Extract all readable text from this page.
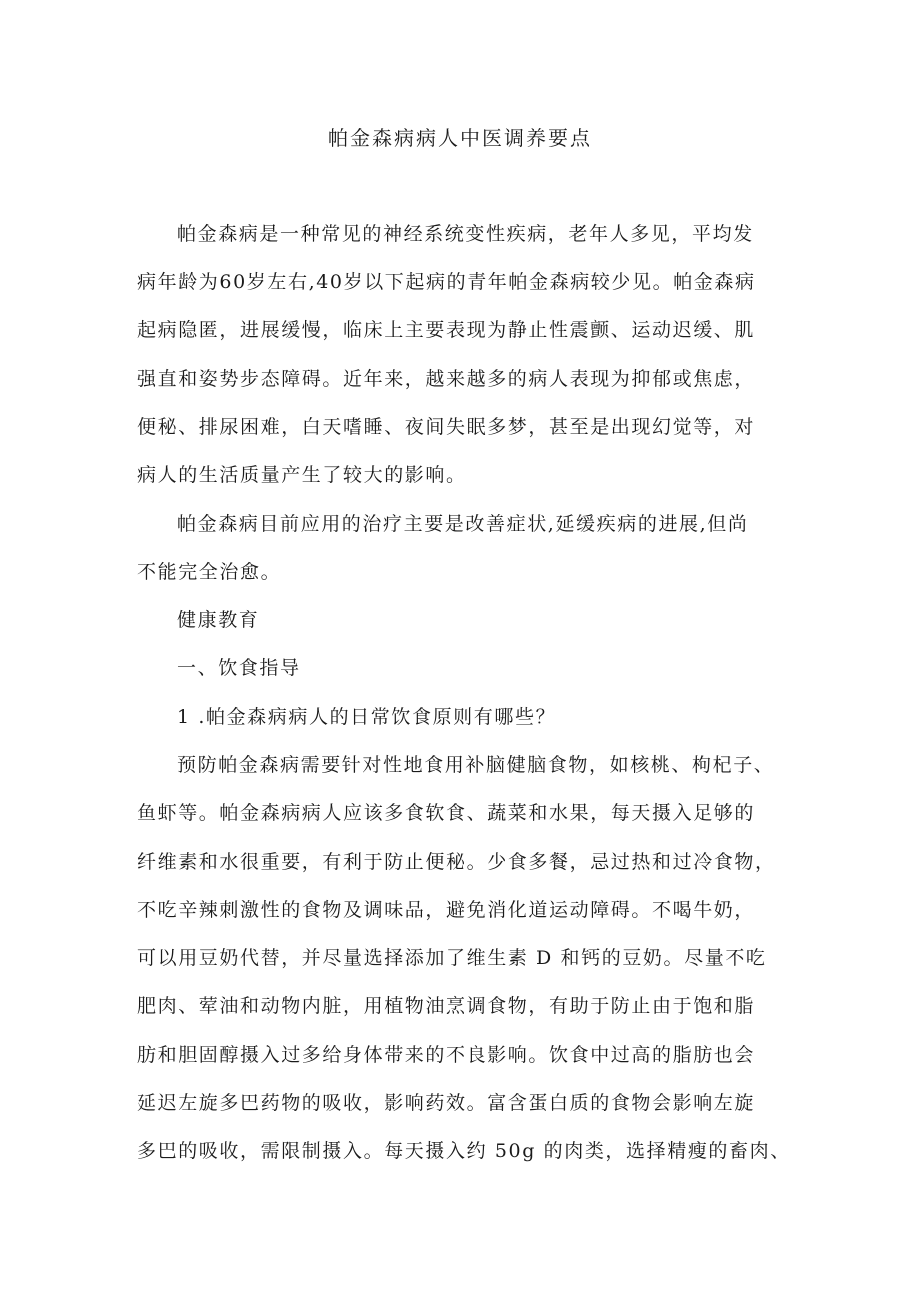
帕金森病病人中医调养要点
帕金森病是一种常见的神经系统变性疾病，老年人多见，平均发
病年龄为60岁左右,40岁以下起病的青年帕金森病较少见。帕金森病
起病隐匿，进展缓慢，临床上主要表现为静止性震颤、运动迟缓、肌
强直和姿势步态障碍。近年来，越来越多的病人表现为抑郁或焦虑，
便秘、排尿困难，白天嗜睡、夜间失眠多梦，甚至是出现幻觉等，对
病人的生活质量产生了较大的影响。
帕金森病目前应用的治疗主要是改善症状,延缓疾病的进展,但尚
不能完全治愈。
健康教育
一、饮食指导
1 .帕金森病病人的日常饮食原则有哪些？
预防帕金森病需要针对性地食用补脑健脑食物，如核桃、枸杞子、
鱼虾等。帕金森病病人应该多食软食、蔬菜和水果，每天摄入足够的
纤维素和水很重要，有利于防止便秘。少食多餐，忌过热和过冷食物，
不吃辛辣刺激性的食物及调味品，避免消化道运动障碍。不喝牛奶，
可以用豆奶代替，并尽量选择添加了维生素 D 和钙的豆奶。尽量不吃
肥肉、荤油和动物内脏，用植物油烹调食物，有助于防止由于饱和脂
肪和胆固醇摄入过多给身体带来的不良影响。饮食中过高的脂肪也会
延迟左旋多巴药物的吸收，影响药效。富含蛋白质的食物会影响左旋
多巴的吸收，需限制摄入。每天摄入约 50g 的肉类，选择精瘦的畜肉、
